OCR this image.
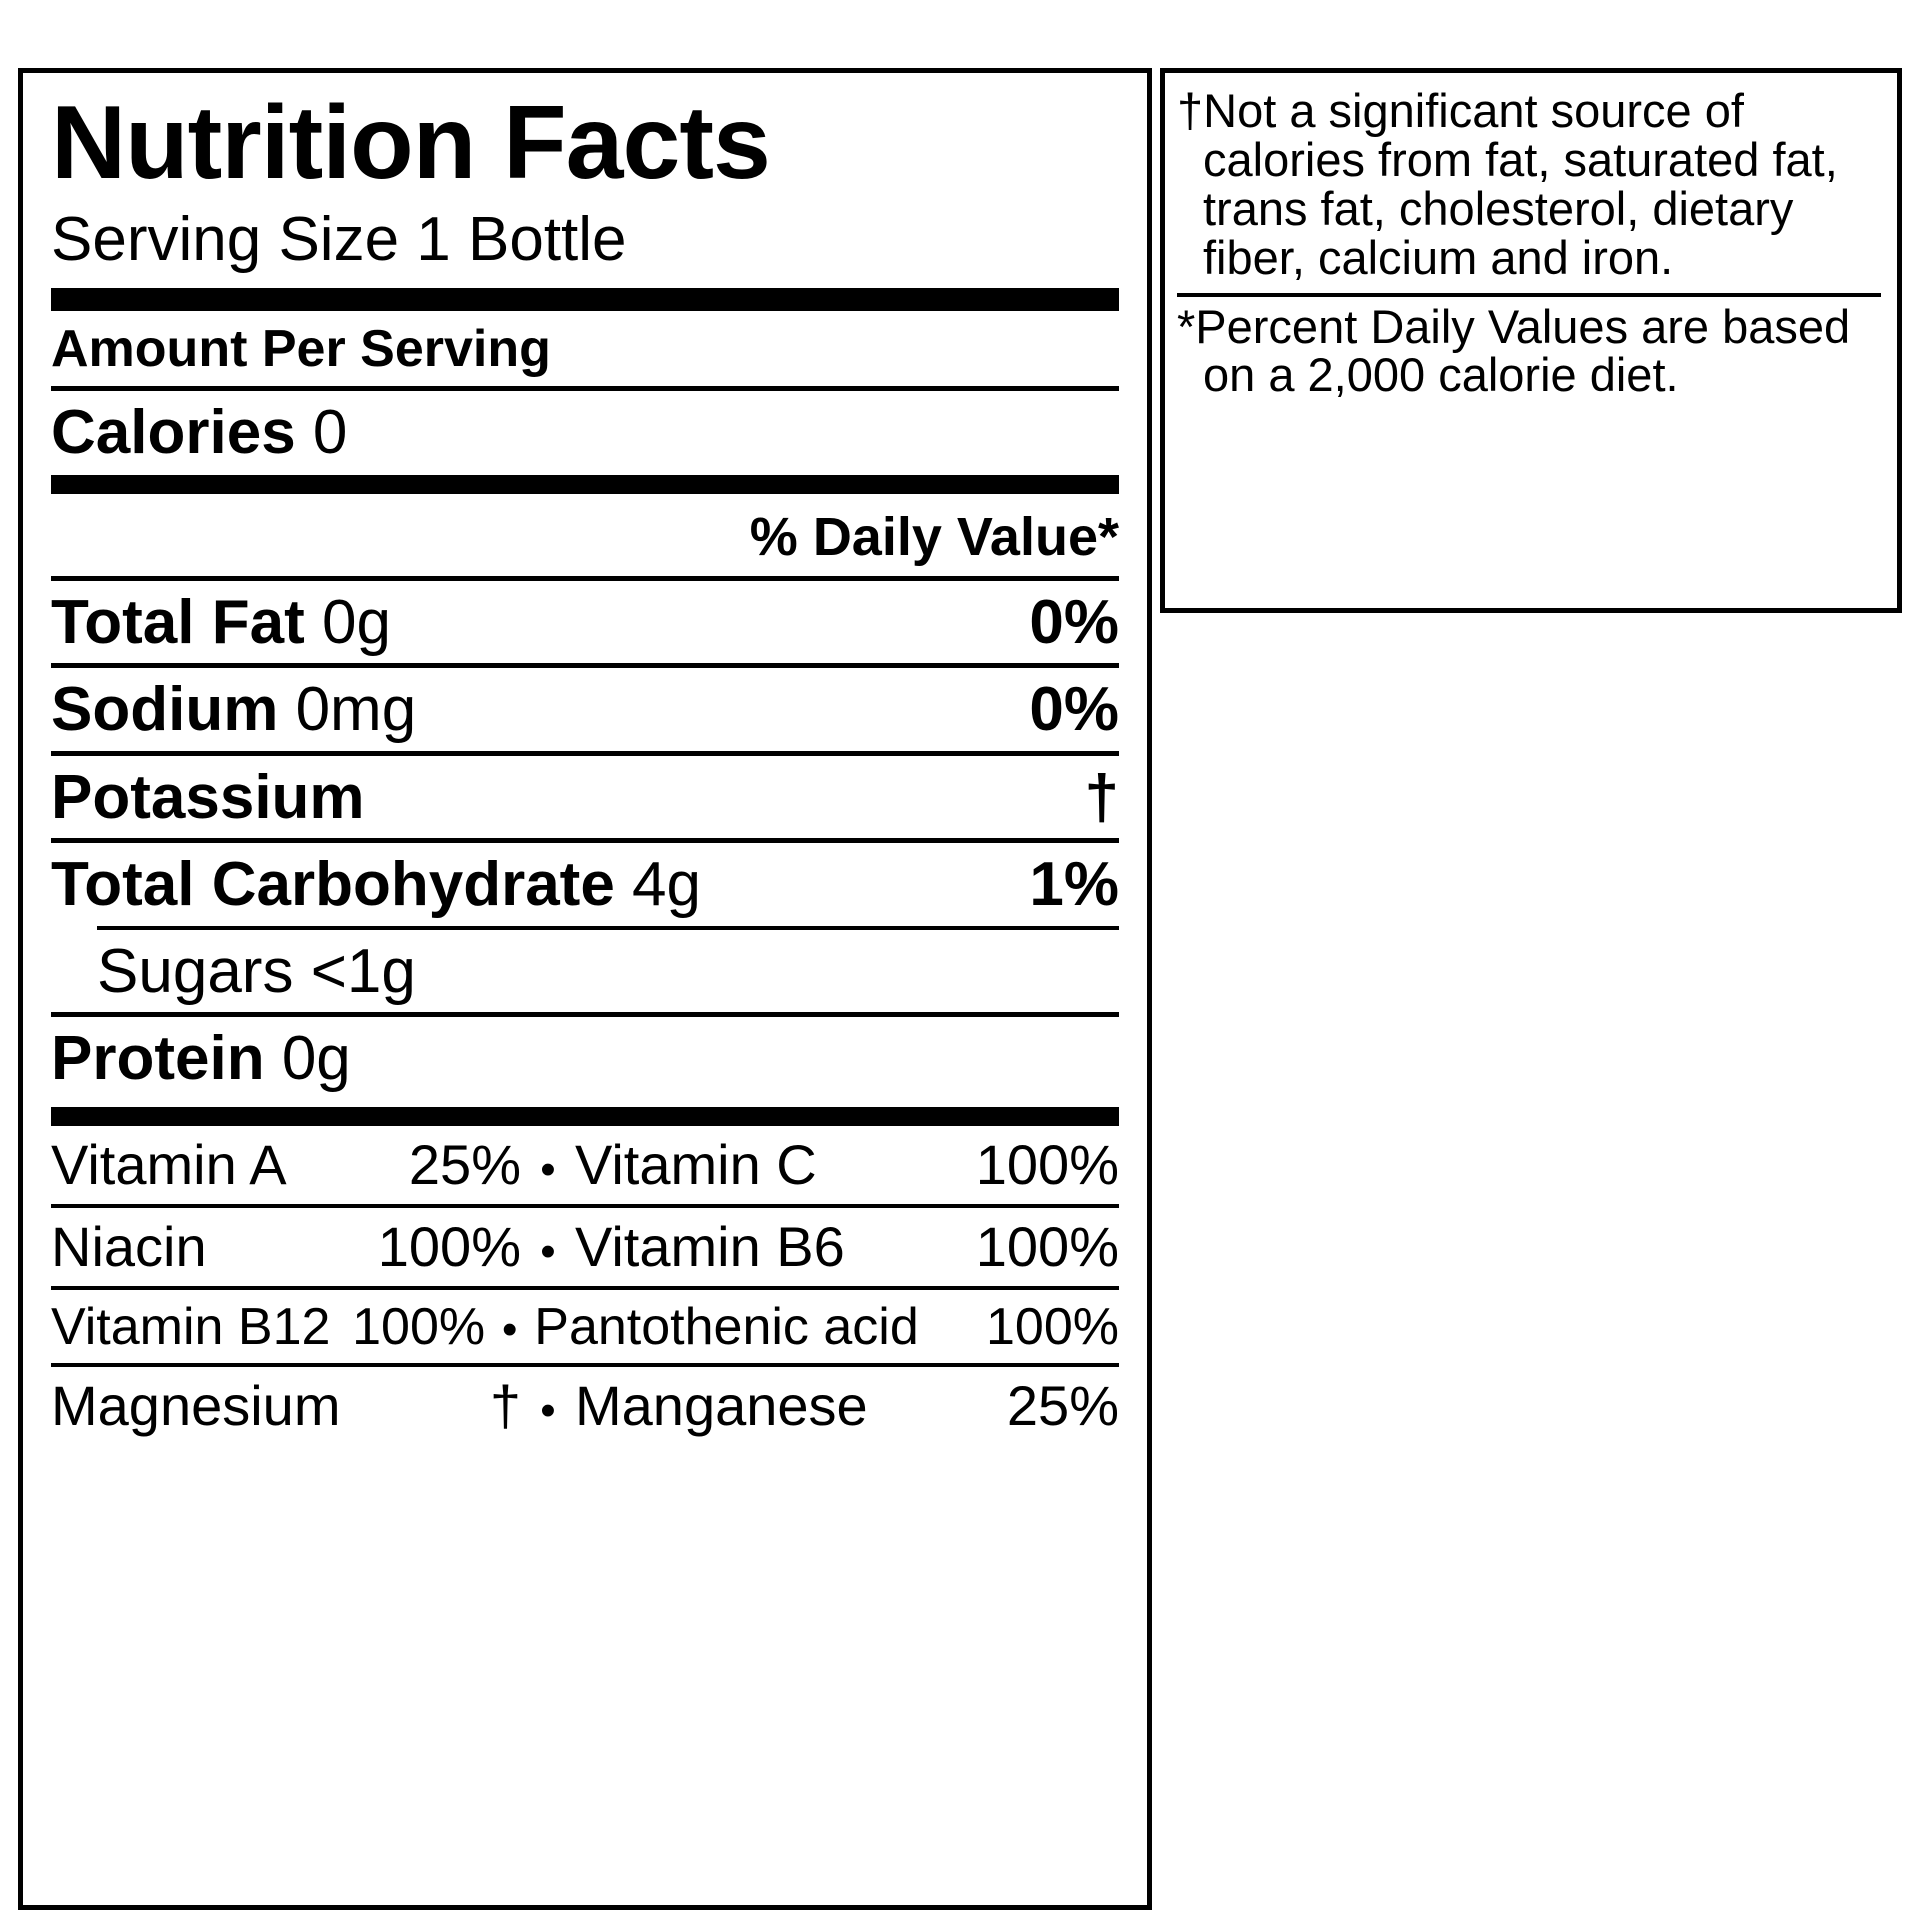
Nutrition Facts
Serving Size 1 Bottle
Amount Per Serving
Calories 0
% Daily Value*
Total Fat 0g	0%
Sodium 0mg	0%
Potassium	†
Total Carbohydrate 4g	1%
Sugars <1g
Protein 0g
Vitamin A	25% • Vitamin C	100%
Niacin	100% • Vitamin B6	100%
Vitamin B12 100% • Pantothenic acid	100%
Magnesium	† • Manganese	25%

†Not a significant source of calories from fat, saturated fat, trans fat, cholesterol, dietary fiber, calcium and iron.

*Percent Daily Values are based on a 2,000 calorie diet.
